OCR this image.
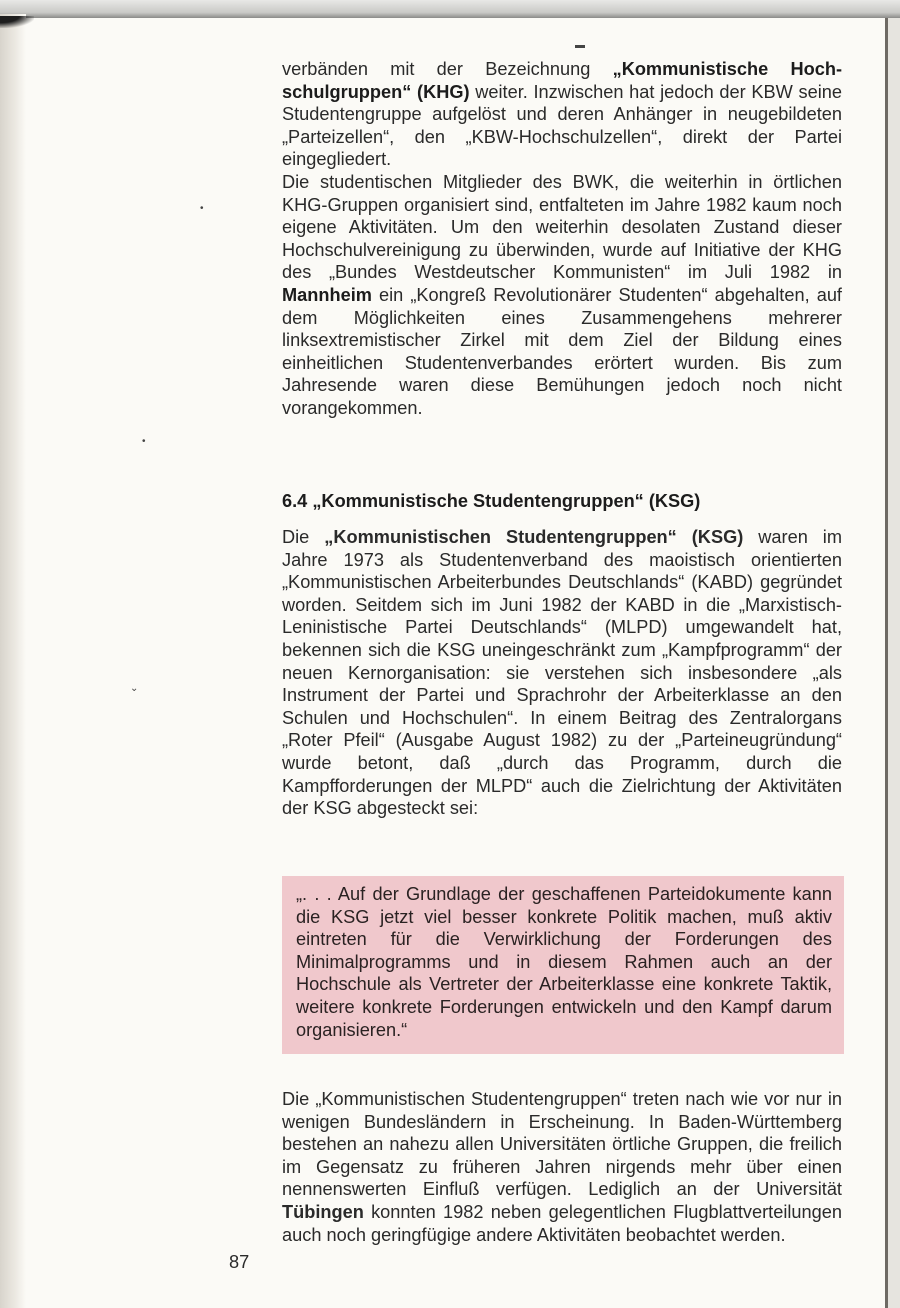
▬
•
•
⌄

verbänden mit der Bezeichnung „Kommunistische Hochschulgruppen“ (KHG) weiter. Inzwischen hat jedoch der KBW seine Studentengruppe aufgelöst und deren Anhänger in neugebildeten „Parteizellen“, den „KBW-Hochschulzellen“, direkt der Partei eingegliedert.

Die studentischen Mitglieder des BWK, die weiterhin in örtlichen KHG-Gruppen organisiert sind, entfalteten im Jahre 1982 kaum noch eigene Aktivitäten. Um den weiterhin desolaten Zustand dieser Hochschulvereinigung zu überwinden, wurde auf Initiative der KHG des „Bundes Westdeutscher Kommunisten“ im Juli 1982 in Mannheim ein „Kongreß Revolutionärer Studenten“ abgehalten, auf dem Möglichkeiten eines Zusammengehens mehrerer linksextremistischer Zirkel mit dem Ziel der Bildung eines einheitlichen Studentenverbandes erörtert wurden. Bis zum Jahresende waren diese Bemühungen jedoch noch nicht vorangekommen.

6.4 „Kommunistische Studentengruppen“ (KSG)

Die „Kommunistischen Studentengruppen“ (KSG) waren im Jahre 1973 als Studentenverband des maoistisch orientierten „Kommunistischen Arbeiterbundes Deutschlands“ (KABD) gegründet worden. Seitdem sich im Juni 1982 der KABD in die „Marxistisch-Leninistische Partei Deutschlands“ (MLPD) umgewandelt hat, bekennen sich die KSG uneingeschränkt zum „Kampfprogramm“ der neuen Kernorganisation: sie verstehen sich insbesondere „als Instrument der Partei und Sprachrohr der Arbeiterklasse an den Schulen und Hochschulen“. In einem Beitrag des Zentralorgans „Roter Pfeil“ (Ausgabe August 1982) zu der „Parteineugründung“ wurde betont, daß „durch das Programm, durch die Kampfforderungen der MLPD“ auch die Zielrichtung der Aktivitäten der KSG abgesteckt sei:

„. . . Auf der Grundlage der geschaffenen Parteidokumente kann die KSG jetzt viel besser konkrete Politik machen, muß aktiv eintreten für die Verwirklichung der Forderungen des Minimalprogramms und in diesem Rahmen auch an der Hochschule als Vertreter der Arbeiterklasse eine konkrete Taktik, weitere konkrete Forderungen entwickeln und den Kampf darum organisieren.“

Die „Kommunistischen Studentengruppen“ treten nach wie vor nur in wenigen Bundesländern in Erscheinung. In Baden-Württemberg bestehen an nahezu allen Universitäten örtliche Gruppen, die freilich im Gegensatz zu früheren Jahren nirgends mehr über einen nennenswerten Einfluß verfügen. Lediglich an der Universität Tübingen konnten 1982 neben gelegentlichen Flugblattverteilungen auch noch geringfügige andere Aktivitäten beobachtet werden.

87
